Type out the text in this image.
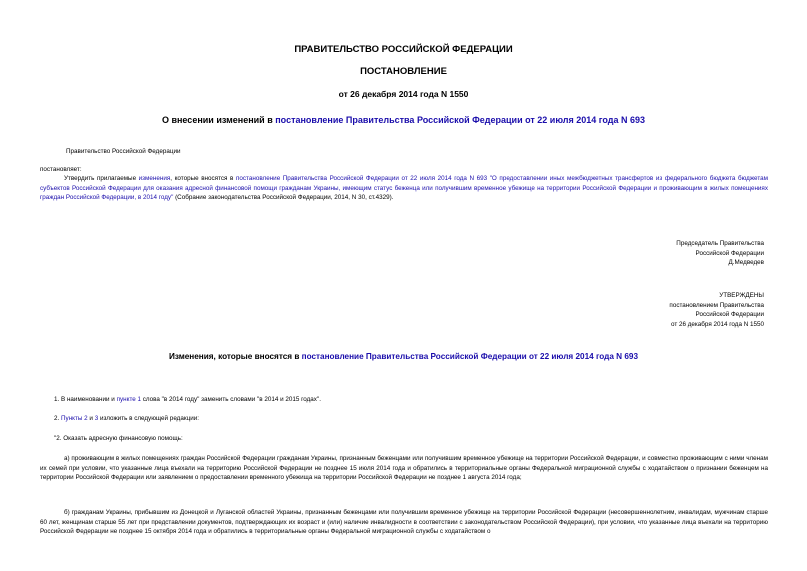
ПРАВИТЕЛЬСТВО РОССИЙСКОЙ ФЕДЕРАЦИИ
ПОСТАНОВЛЕНИЕ
от 26 декабря 2014 года N 1550
О внесении изменений в постановление Правительства Российской Федерации от 22 июля 2014 года N 693
Правительство Российской Федерации
постановляет:
Утвердить прилагаемые изменения, которые вносятся в постановление Правительства Российской Федерации от 22 июля 2014 года N 693 "О предоставлении иных межбюджетных трансфертов из федерального бюджета бюджетам субъектов Российской Федерации для оказания адресной финансовой помощи гражданам Украины, имеющим статус беженца или получившим временное убежище на территории Российской Федерации и проживающим в жилых помещениях граждан Российской Федерации, в 2014 году" (Собрание законодательства Российской Федерации, 2014, N 30, ст.4329).
Председатель Правительства
Российской Федерации
Д.Медведев
УТВЕРЖДЕНЫ
постановлением Правительства
Российской Федерации
от 26 декабря 2014 года N 1550
Изменения, которые вносятся в постановление Правительства Российской Федерации от 22 июля 2014 года N 693
1. В наименовании и пункте 1 слова "в 2014 году" заменить словами "в 2014 и 2015 годах".
2. Пункты 2 и 3 изложить в следующей редакции:
"2. Оказать адресную финансовую помощь:
а) проживающим в жилых помещениях граждан Российской Федерации гражданам Украины, признанным беженцами или получившим временное убежище на территории Российской Федерации, и совместно проживающим с ними членам их семей при условии, что указанные лица въехали на территорию Российской Федерации не позднее 15 июля 2014 года и обратились в территориальные органы Федеральной миграционной службы с ходатайством о признании беженцем на территории Российской Федерации или заявлением о предоставлении временного убежища на территории Российской Федерации не позднее 1 августа 2014 года;
б) гражданам Украины, прибывшим из Донецкой и Луганской областей Украины, признанным беженцами или получившим временное убежище на территории Российской Федерации (несовершеннолетним, инвалидам, мужчинам старше 60 лет, женщинам старше 55 лет при представлении документов, подтверждающих их возраст и (или) наличие инвалидности в соответствии с законодательством Российской Федерации), при условии, что указанные лица въехали на территорию Российской Федерации не позднее 15 октября 2014 года и обратились в территориальные органы Федеральной миграционной службы с ходатайством о
